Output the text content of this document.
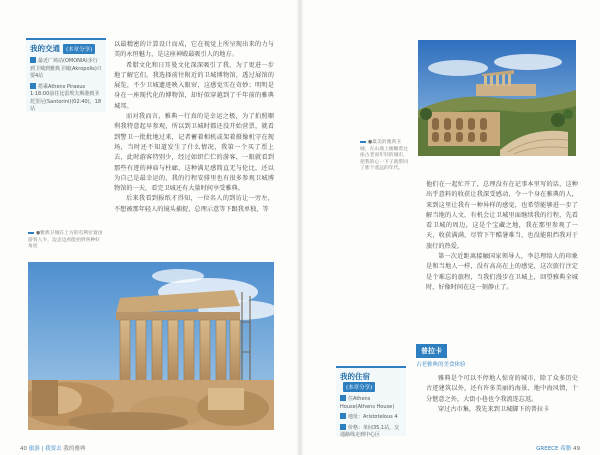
我的交通 (本章分享)
最近广场站(OMONIA)步行到卫城到雅典卫城(Akropolis)只要4站
搭乘Athens Piraeus 1:18:00前往比雷埃夫斯港到圣托里尼(Santorini)(02:40)，18站
●雅典卫城在上方的有利位置由游客人少，边走边看能拍到各种好角度

以最精密的计算设计而成，它在视觉上所呈现出来的力与美的永恒魅力，是这座神殿最吸引人的地方。

希腊文化和日耳曼文化深深吸引了我，为了更进一步地了解它们，我选择前往附近的卫城博物馆，透过展馆的展览，不少卫城遗迹映入眼帘，这感觉实在奇妙；明明是身在一座现代化的博物馆，却好似穿越到了千年前的雅典城邦。

而对我而言，雅典一行真的是幸运之极，为了拍照顺利我特意起早参观，所以到卫城时都还没开始营票，就看到警卫一批批地过来，记者蓄着相机或架着摄像机守在现场，当时还不知道发生了什么情况，我第一个买了票上去，此时游客特别少，经过如织伫伫的游客，一眼就看到那些有迹的神庙与柱廊，这种满足感简直无与伦比，还以为自己是最幸运的，我的行程安排里也有很多参观卫城博物馆的一天，看完卫城还有大量时间享受雅典。

后来我看到报纸才得知，一位名人的到访让一旁左，不想被那年轻人的镜头捕捉，总理示意等下跟我单独，等

40 旅游 | 我要去 我的雅典
●最美的雅典卫城，在山坡上俯瞰着这座古老而年轻的城市，把我的心一下子就带回了那个遥远的年代。

他们在一起忙开了，总理没有在记事本里写的话，这种出乎意料的收获让我深受感动，令一个身在雅典的人，来到这里让我有一种异样的感觉，也希望能够进一步了解当地的人文，有机会让卫城里面继续我的行程，先看看卫城的周边，这是个宝藏之地，我在那里参观了一天，收获满满，尽管下午酷暑难当，也没能阻挡我对于旅行的热爱。

第一次近距离接触国家领导人，李总理给人的印象是和当地人一样，没有高高在上的感觉，这次旅行注定是个难忘的旅程，当我们漫步在卫城上，回望雅典全城时，好像时间在这一刻静止了。

普拉卡
古老雅典的美食体验
我的住宿(本章分享)
住Athens House(Athens House)
地址：Aristotelous 4
价格：单间35,1站，交通路线走到中心区

雅典是个可以不停地人惊奇的城市，除了众多历史古迹建筑以外，还有许多美丽的海景、地中海风情，十分惬意之外，大街小巷也令我流连忘返。

穿过古市集，我先来到卫城脚下的普拉卡

GREECE 希腊 49
